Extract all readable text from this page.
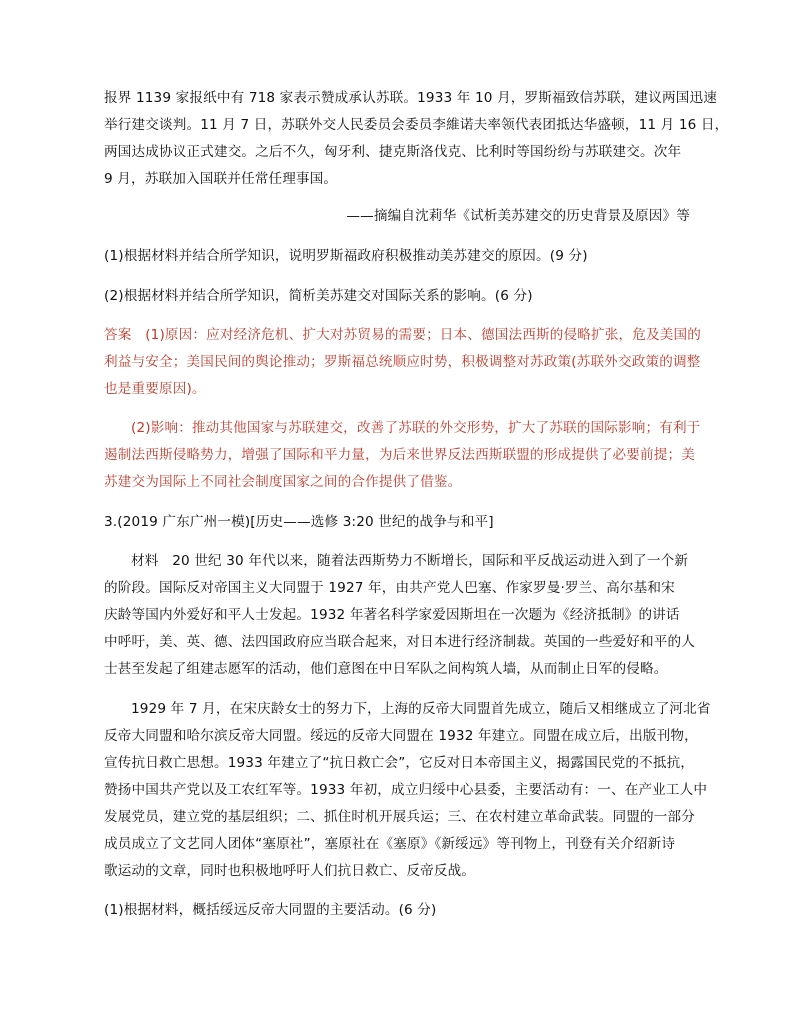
报界 1139 家报纸中有 718 家表示赞成承认苏联。1933 年 10 月，罗斯福致信苏联，建议两国迅速
举行建交谈判。11 月 7 日，苏联外交人民委员会委员李維诺夫率领代表团抵达华盛顿，11 月 16 日，
两国达成协议正式建交。之后不久，匈牙利、捷克斯洛伐克、比利时等国纷纷与苏联建交。次年
9 月，苏联加入国联并任常任理事国。
——摘编自沈莉华《试析美苏建交的历史背景及原因》等
(1)根据材料并结合所学知识，说明罗斯福政府积极推动美苏建交的原因。(9 分)
(2)根据材料并结合所学知识，简析美苏建交对国际关系的影响。(6 分)
答案　(1)原因：应对经济危机、扩大对苏贸易的需要；日本、德国法西斯的侵略扩张，危及美国的
利益与安全；美国民间的舆论推动；罗斯福总统顺应时势，积极调整对苏政策(苏联外交政策的调整
也是重要原因)。
(2)影响：推动其他国家与苏联建交，改善了苏联的外交形势，扩大了苏联的国际影响；有利于
遏制法西斯侵略势力，增强了国际和平力量，为后来世界反法西斯联盟的形成提供了必要前提；美
苏建交为国际上不同社会制度国家之间的合作提供了借鉴。
3.(2019 广东广州一模)[历史——选修 3:20 世纪的战争与和平]
材料　20 世纪 30 年代以来，随着法西斯势力不断增长，国际和平反战运动进入到了一个新
的阶段。国际反对帝国主义大同盟于 1927 年，由共产党人巴塞、作家罗曼·罗兰、高尔基和宋
庆龄等国内外爱好和平人士发起。1932 年著名科学家爱因斯坦在一次题为《经济抵制》的讲话
中呼吁，美、英、德、法四国政府应当联合起来，对日本进行经济制裁。英国的一些爱好和平的人
士甚至发起了组建志愿军的活动，他们意图在中日军队之间构筑人墙，从而制止日军的侵略。
1929 年 7 月，在宋庆龄女士的努力下，上海的反帝大同盟首先成立，随后又相继成立了河北省
反帝大同盟和哈尔滨反帝大同盟。绥远的反帝大同盟在 1932 年建立。同盟在成立后，出版刊物，
宣传抗日救亡思想。1933 年建立了“抗日救亡会”，它反对日本帝国主义，揭露国民党的不抵抗，
赞扬中国共产党以及工农红军等。1933 年初，成立归绥中心县委，主要活动有：一、在产业工人中
发展党员，建立党的基层组织；二、抓住时机开展兵运；三、在农村建立革命武装。同盟的一部分
成员成立了文艺同人团体“塞原社”，塞原社在《塞原》《新绥远》等刊物上，刊登有关介绍新诗
歌运动的文章，同时也积极地呼吁人们抗日救亡、反帝反战。
(1)根据材料，概括绥远反帝大同盟的主要活动。(6 分)
